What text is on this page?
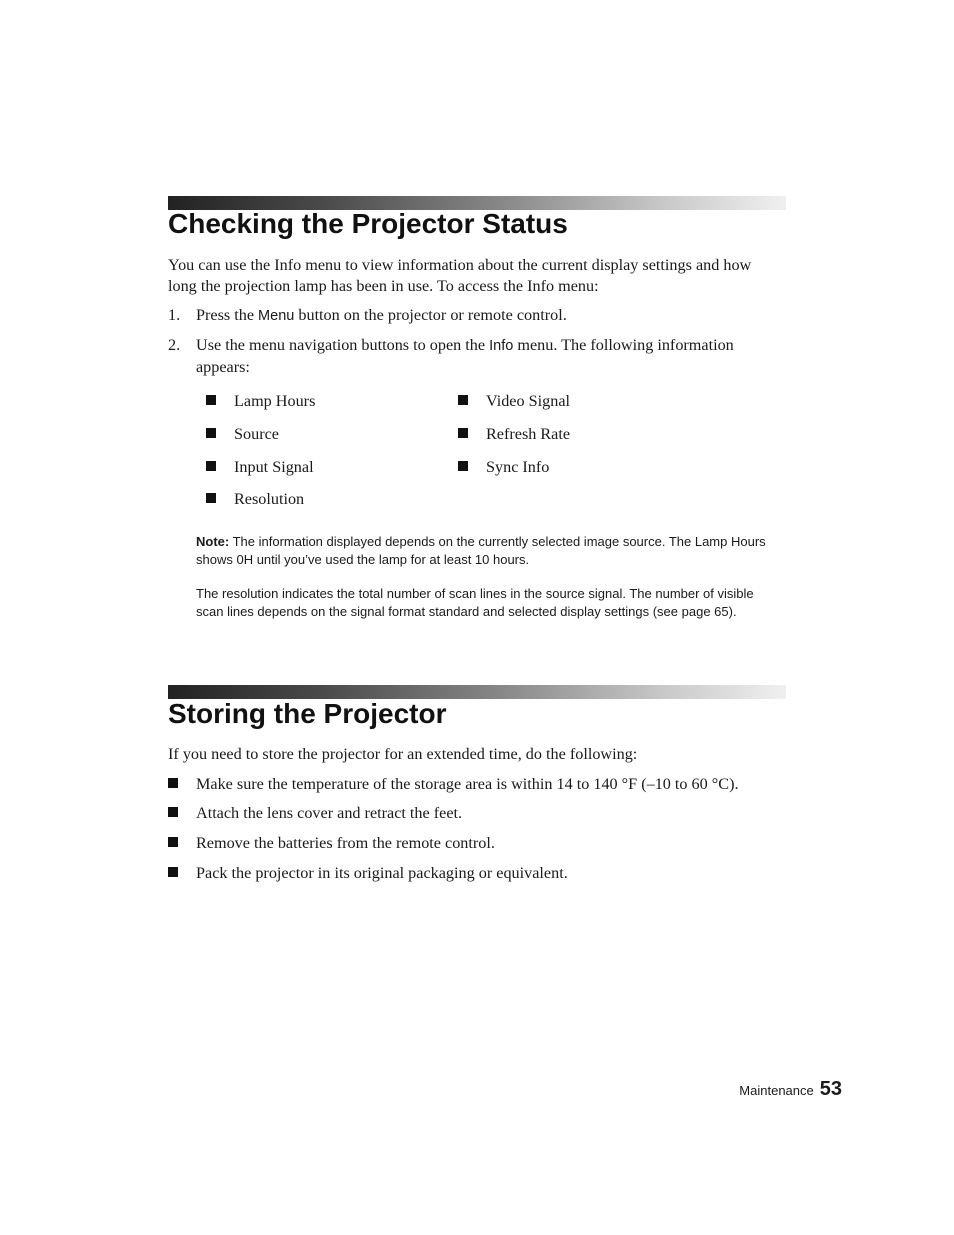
Checking the Projector Status

You can use the Info menu to view information about the current display settings and how long the projection lamp has been in use. To access the Info menu:

1. Press the Menu button on the projector or remote control.
2. Use the menu navigation buttons to open the Info menu. The following information appears:
Lamp Hours
Source
Input Signal
Resolution
Video Signal
Refresh Rate
Sync Info

Note: The information displayed depends on the currently selected image source. The Lamp Hours shows 0H until you’ve used the lamp for at least 10 hours.

The resolution indicates the total number of scan lines in the source signal. The number of visible scan lines depends on the signal format standard and selected display settings (see page 65).

Storing the Projector

If you need to store the projector for an extended time, do the following:

Make sure the temperature of the storage area is within 14 to 140 °F (–10 to 60 °C).
Attach the lens cover and retract the feet.
Remove the batteries from the remote control.
Pack the projector in its original packaging or equivalent.
Maintenance 53
